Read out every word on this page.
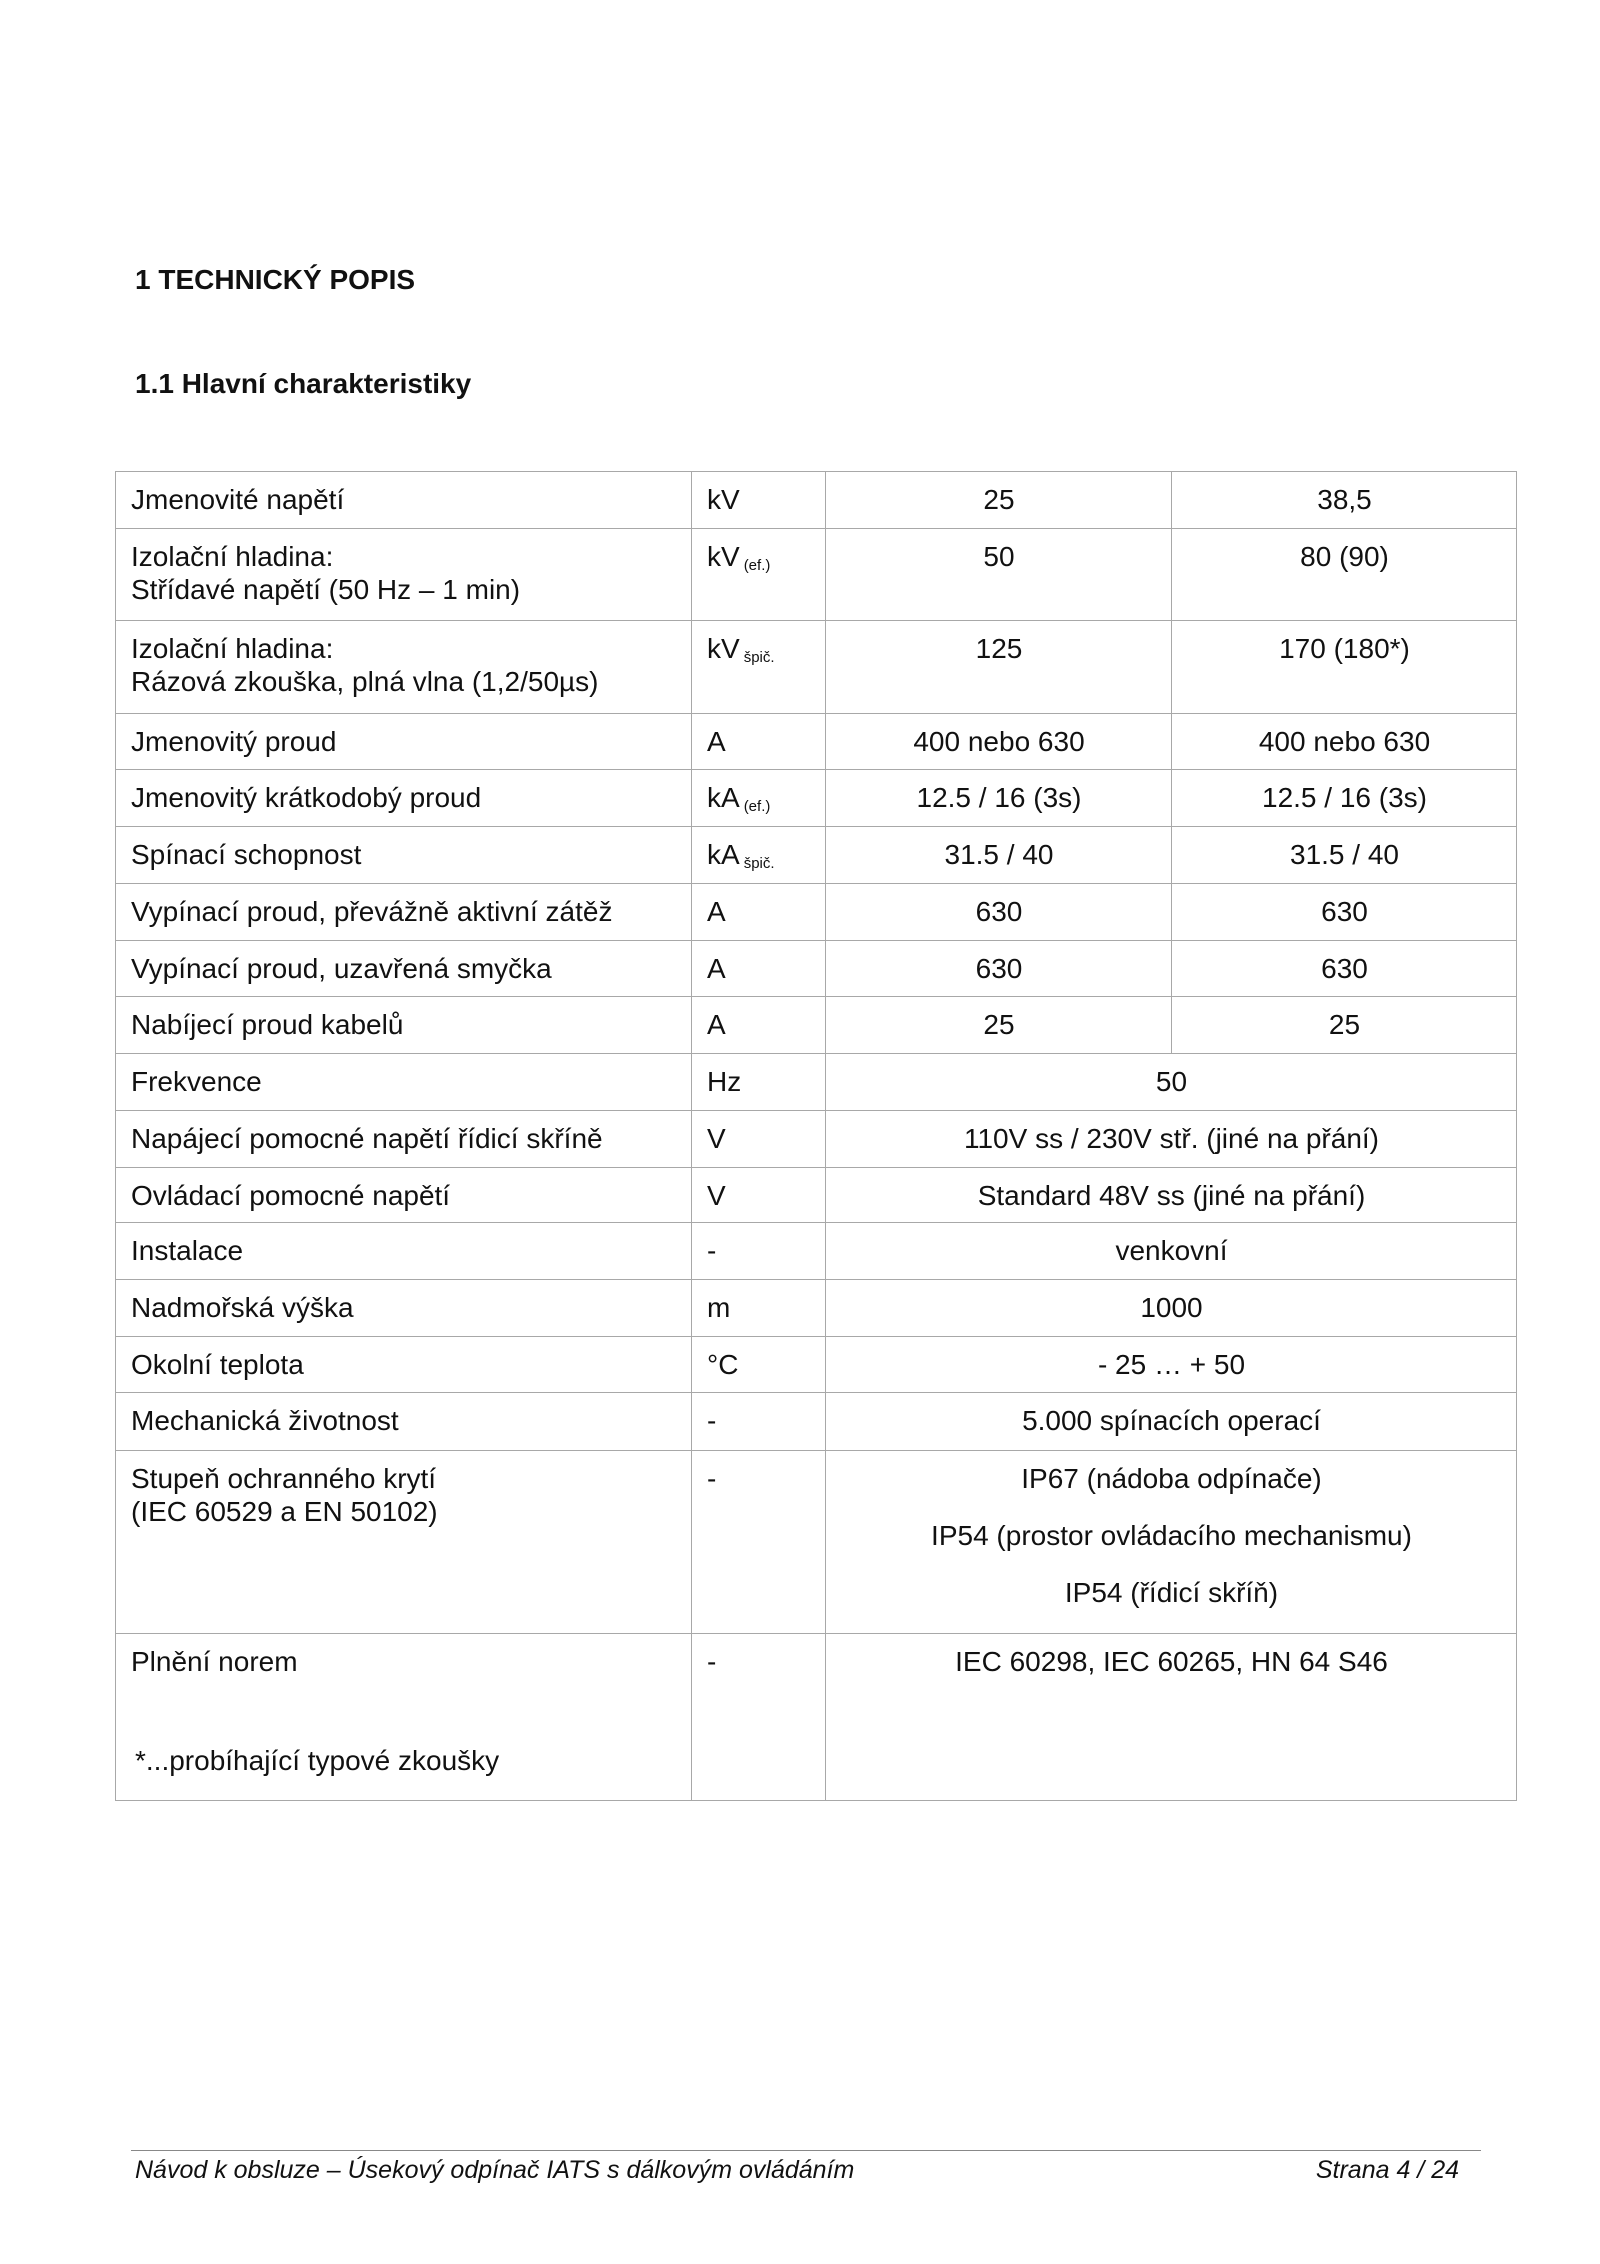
1 TECHNICKÝ POPIS
1.1 Hlavní charakteristiky
Jmenovité napětí	kV	25	38,5

Izolační hladina:
Střídavé napětí (50 Hz – 1 min)	kV $_{(ef.)}$	50	80 (90)

Izolační hladina:
Rázová zkouška, plná vlna (1,2/50µs)	kV $_{špič.}$	125	170 (180*)

Jmenovitý proud	A	400 nebo 630	400 nebo 630

Jmenovitý krátkodobý proud	kA $_{(ef.)}$	12.5 / 16 (3s)	12.5 / 16 (3s)

Spínací schopnost	kA $_{špič.}$	31.5 / 40	31.5 / 40

Vypínací proud, převážně aktivní zátěž	A	630	630

Vypínací proud, uzavřená smyčka	A	630	630

Nabíjecí proud kabelů	A	25	25

Frekvence	Hz	50	

Napájecí pomocné napětí řídicí skříně	V	110V ss / 230V stř. (jiné na přání)	

Ovládací pomocné napětí	V	Standard 48V ss (jiné na přání)	

Instalace	-	venkovní	

Nadmořská výška	m	1000	

Okolní teplota	°C	- 25 … + 50	

Mechanická životnost	-	5.000 spínacích operací	

Stupeň ochranného krytí
(IEC 60529 a EN 50102)	-	IP67 (nádoba odpínače)
IP54 (prostor ovládacího mechanismu)
IP54 (řídicí skříň)	

Plnění norem	-	IEC 60298, IEC 60265, HN 64 S46	
*...probíhající typové zkoušky
Návod k obsluze – Úsekový odpínač IATS s dálkovým ovládáním	Strana 4 / 24
